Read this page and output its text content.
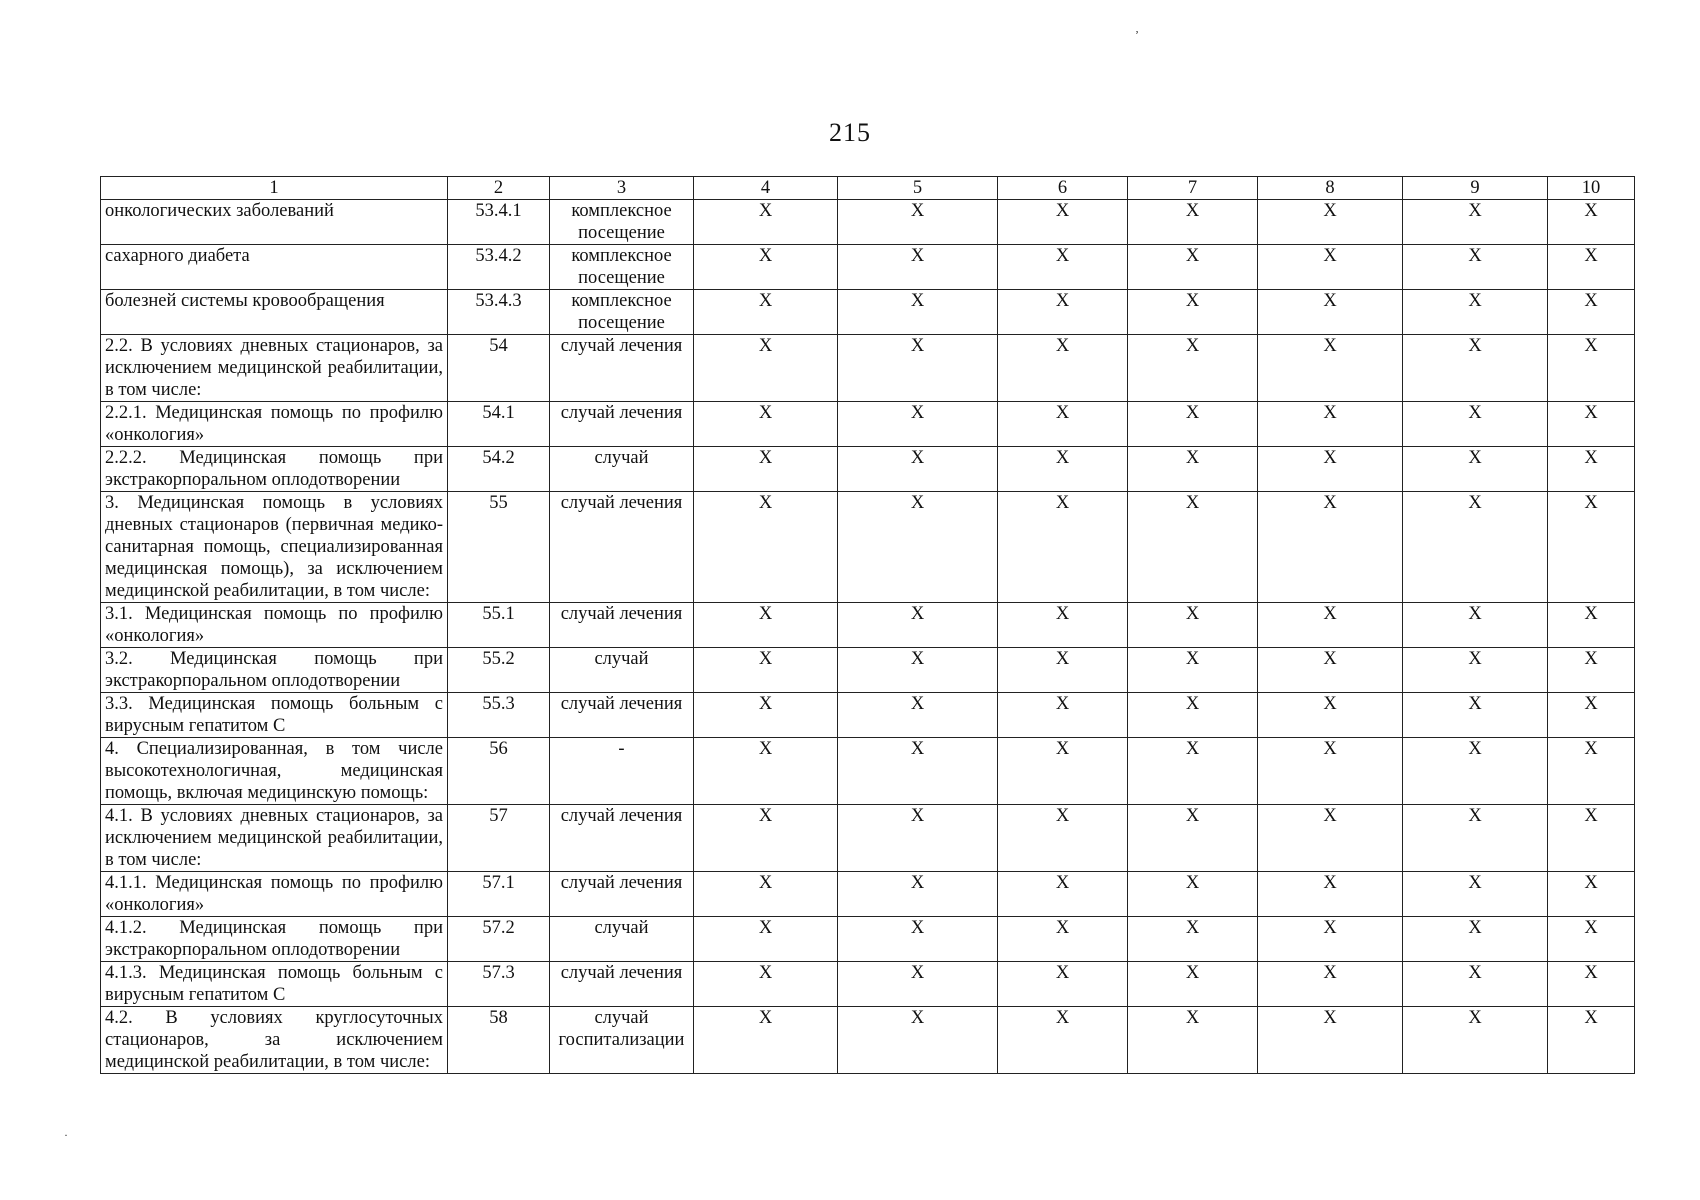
215
ʼ
·
1	2	3	4	5	6	7	8	9	10
онкологических заболеваний	53.4.1	комплексное посещение	X	X	X	X	X	X	X
сахарного диабета	53.4.2	комплексное посещение	X	X	X	X	X	X	X
болезней системы кровообращения	53.4.3	комплексное посещение	X	X	X	X	X	X	X
2.2. В условиях дневных стационаров, за исключением медицинской реабилитации, в том числе:	54	случай лечения	X	X	X	X	X	X	X
2.2.1. Медицинская помощь по профилю «онкология»	54.1	случай лечения	X	X	X	X	X	X	X
2.2.2. Медицинская помощь при экстракорпоральном оплодотворении	54.2	случай	X	X	X	X	X	X	X
3. Медицинская помощь в условиях дневных стационаров (первичная медико-санитарная помощь, специализированная медицинская помощь), за исключением медицинской реабилитации, в том числе:	55	случай лечения	X	X	X	X	X	X	X
3.1. Медицинская помощь по профилю «онкология»	55.1	случай лечения	X	X	X	X	X	X	X
3.2. Медицинская помощь при экстракорпоральном оплодотворении	55.2	случай	X	X	X	X	X	X	X
3.3. Медицинская помощь больным с вирусным гепатитом С	55.3	случай лечения	X	X	X	X	X	X	X
4. Специализированная, в том числе высокотехнологичная, медицинская помощь, включая медицинскую помощь:	56	-	X	X	X	X	X	X	X
4.1. В условиях дневных стационаров, за исключением медицинской реабилитации, в том числе:	57	случай лечения	X	X	X	X	X	X	X
4.1.1. Медицинская помощь по профилю «онкология»	57.1	случай лечения	X	X	X	X	X	X	X
4.1.2. Медицинская помощь при экстракорпоральном оплодотворении	57.2	случай	X	X	X	X	X	X	X
4.1.3. Медицинская помощь больным с вирусным гепатитом С	57.3	случай лечения	X	X	X	X	X	X	X
4.2. В условиях круглосуточных стационаров, за исключением медицинской реабилитации, в том числе:	58	случай госпитализации	X	X	X	X	X	X	X
